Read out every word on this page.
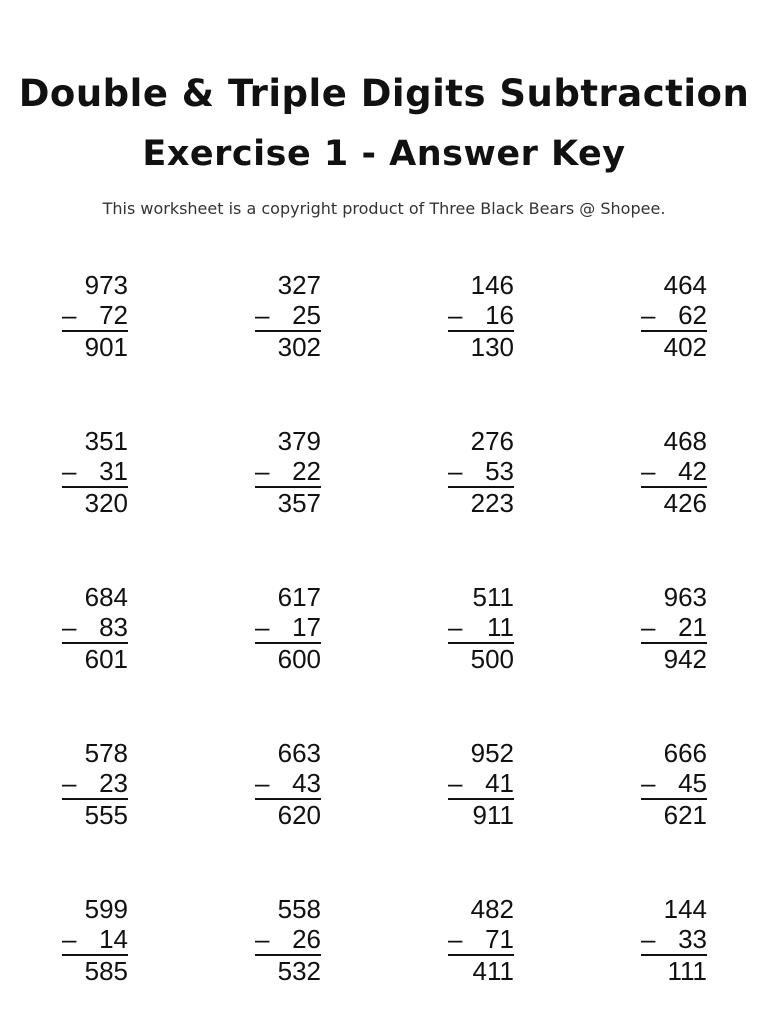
Double & Triple Digits Subtraction
Exercise 1 - Answer Key
This worksheet is a copyright product of Three Black Bears @ Shopee.
973
– 72
901
327
– 25
302
146
– 16
130
464
– 62
402
351
– 31
320
379
– 22
357
276
– 53
223
468
– 42
426
684
– 83
601
617
– 17
600
511
– 11
500
963
– 21
942
578
– 23
555
663
– 43
620
952
– 41
911
666
– 45
621
599
– 14
585
558
– 26
532
482
– 71
411
144
– 33
111
